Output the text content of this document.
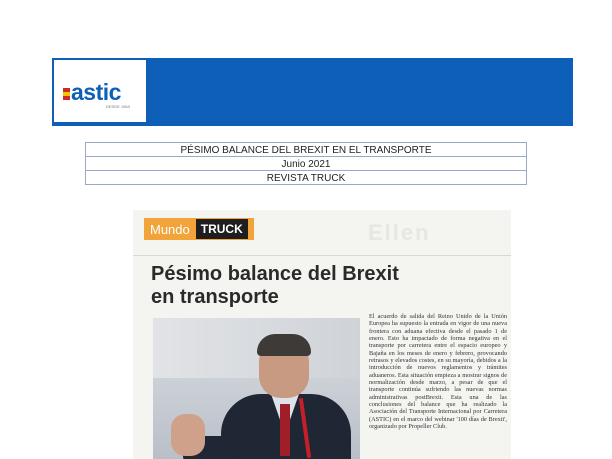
astic
DESDE 1963
PÉSIMO BALANCE DEL BREXIT EN EL TRANSPORTE
Junio 2021
REVISTA TRUCK
Ellen
Mundo TRUCK
Pésimo balance del Brexit
en transporte
El acuerdo de salida del Reino Unido de la Unión Europea ha supuesto la entrada en vigor de una nueva frontera con aduana efectiva desde el pasado 1 de enero. Esto ha impactado de forma negativa en el transporte por carretera entre el espacio europeo y Bajaña en los meses de enero y febrero, provocando retrasos y elevados costes, en su mayoría, debidos a la introducción de nuevos reglamentos y trámites aduaneros. Esta situación empieza a mostrar signos de normalización desde marzo, a pesar de que el transporte continúa sufriendo las nuevas normas administrativas postBrexit. Esta una de las conclusiones del balance que ha realizado la Asociación del Transporte Internacional por Carretera (ASTIC) en el marco del webinar '100 días de Brexit', organizado por Propeller Club.
